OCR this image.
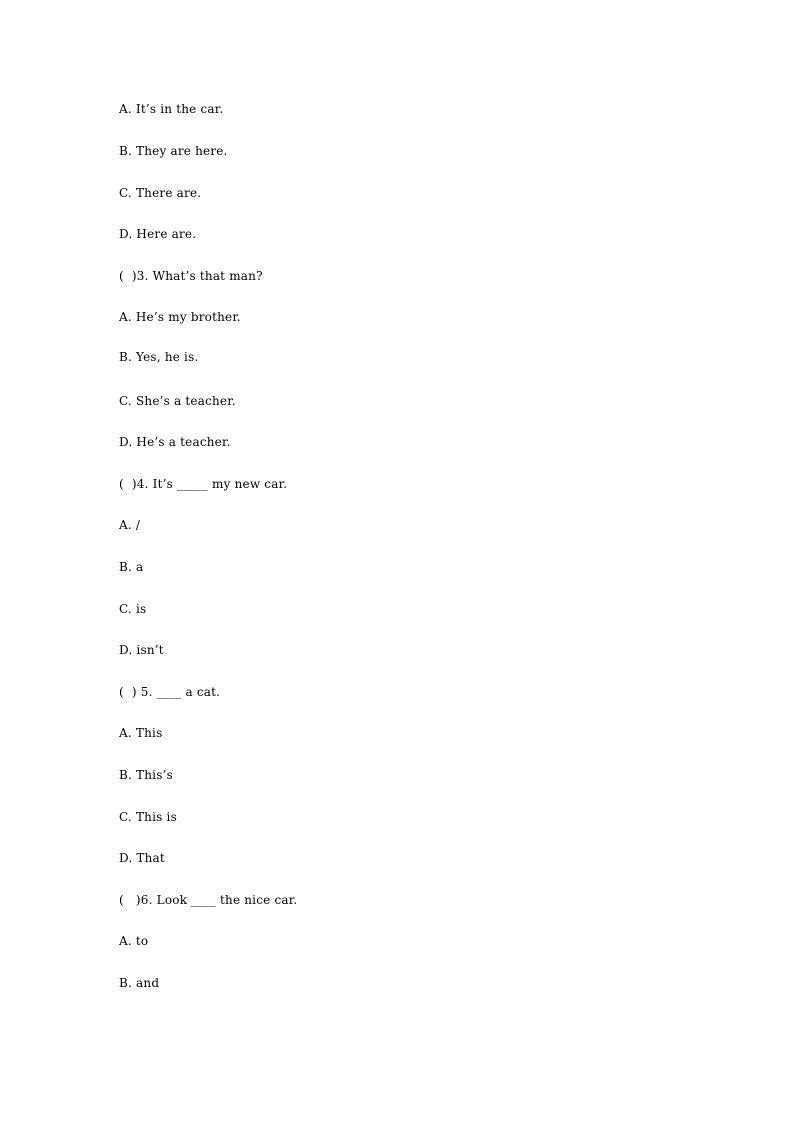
A. It’s in the car.
B. They are here.
C. There are.
D. Here are.
(  )3. What’s that man?
A. He’s my brother.
B. Yes, he is.
C. She’s a teacher.
D. He’s a teacher.
(  )4. It’s _____ my new car.
A. /
B. a
C. is
D. isn’t
(  ) 5. ____ a cat.
A. This
B. This’s
C. This is
D. That
(   )6. Look ____ the nice car.
A. to
B. and
